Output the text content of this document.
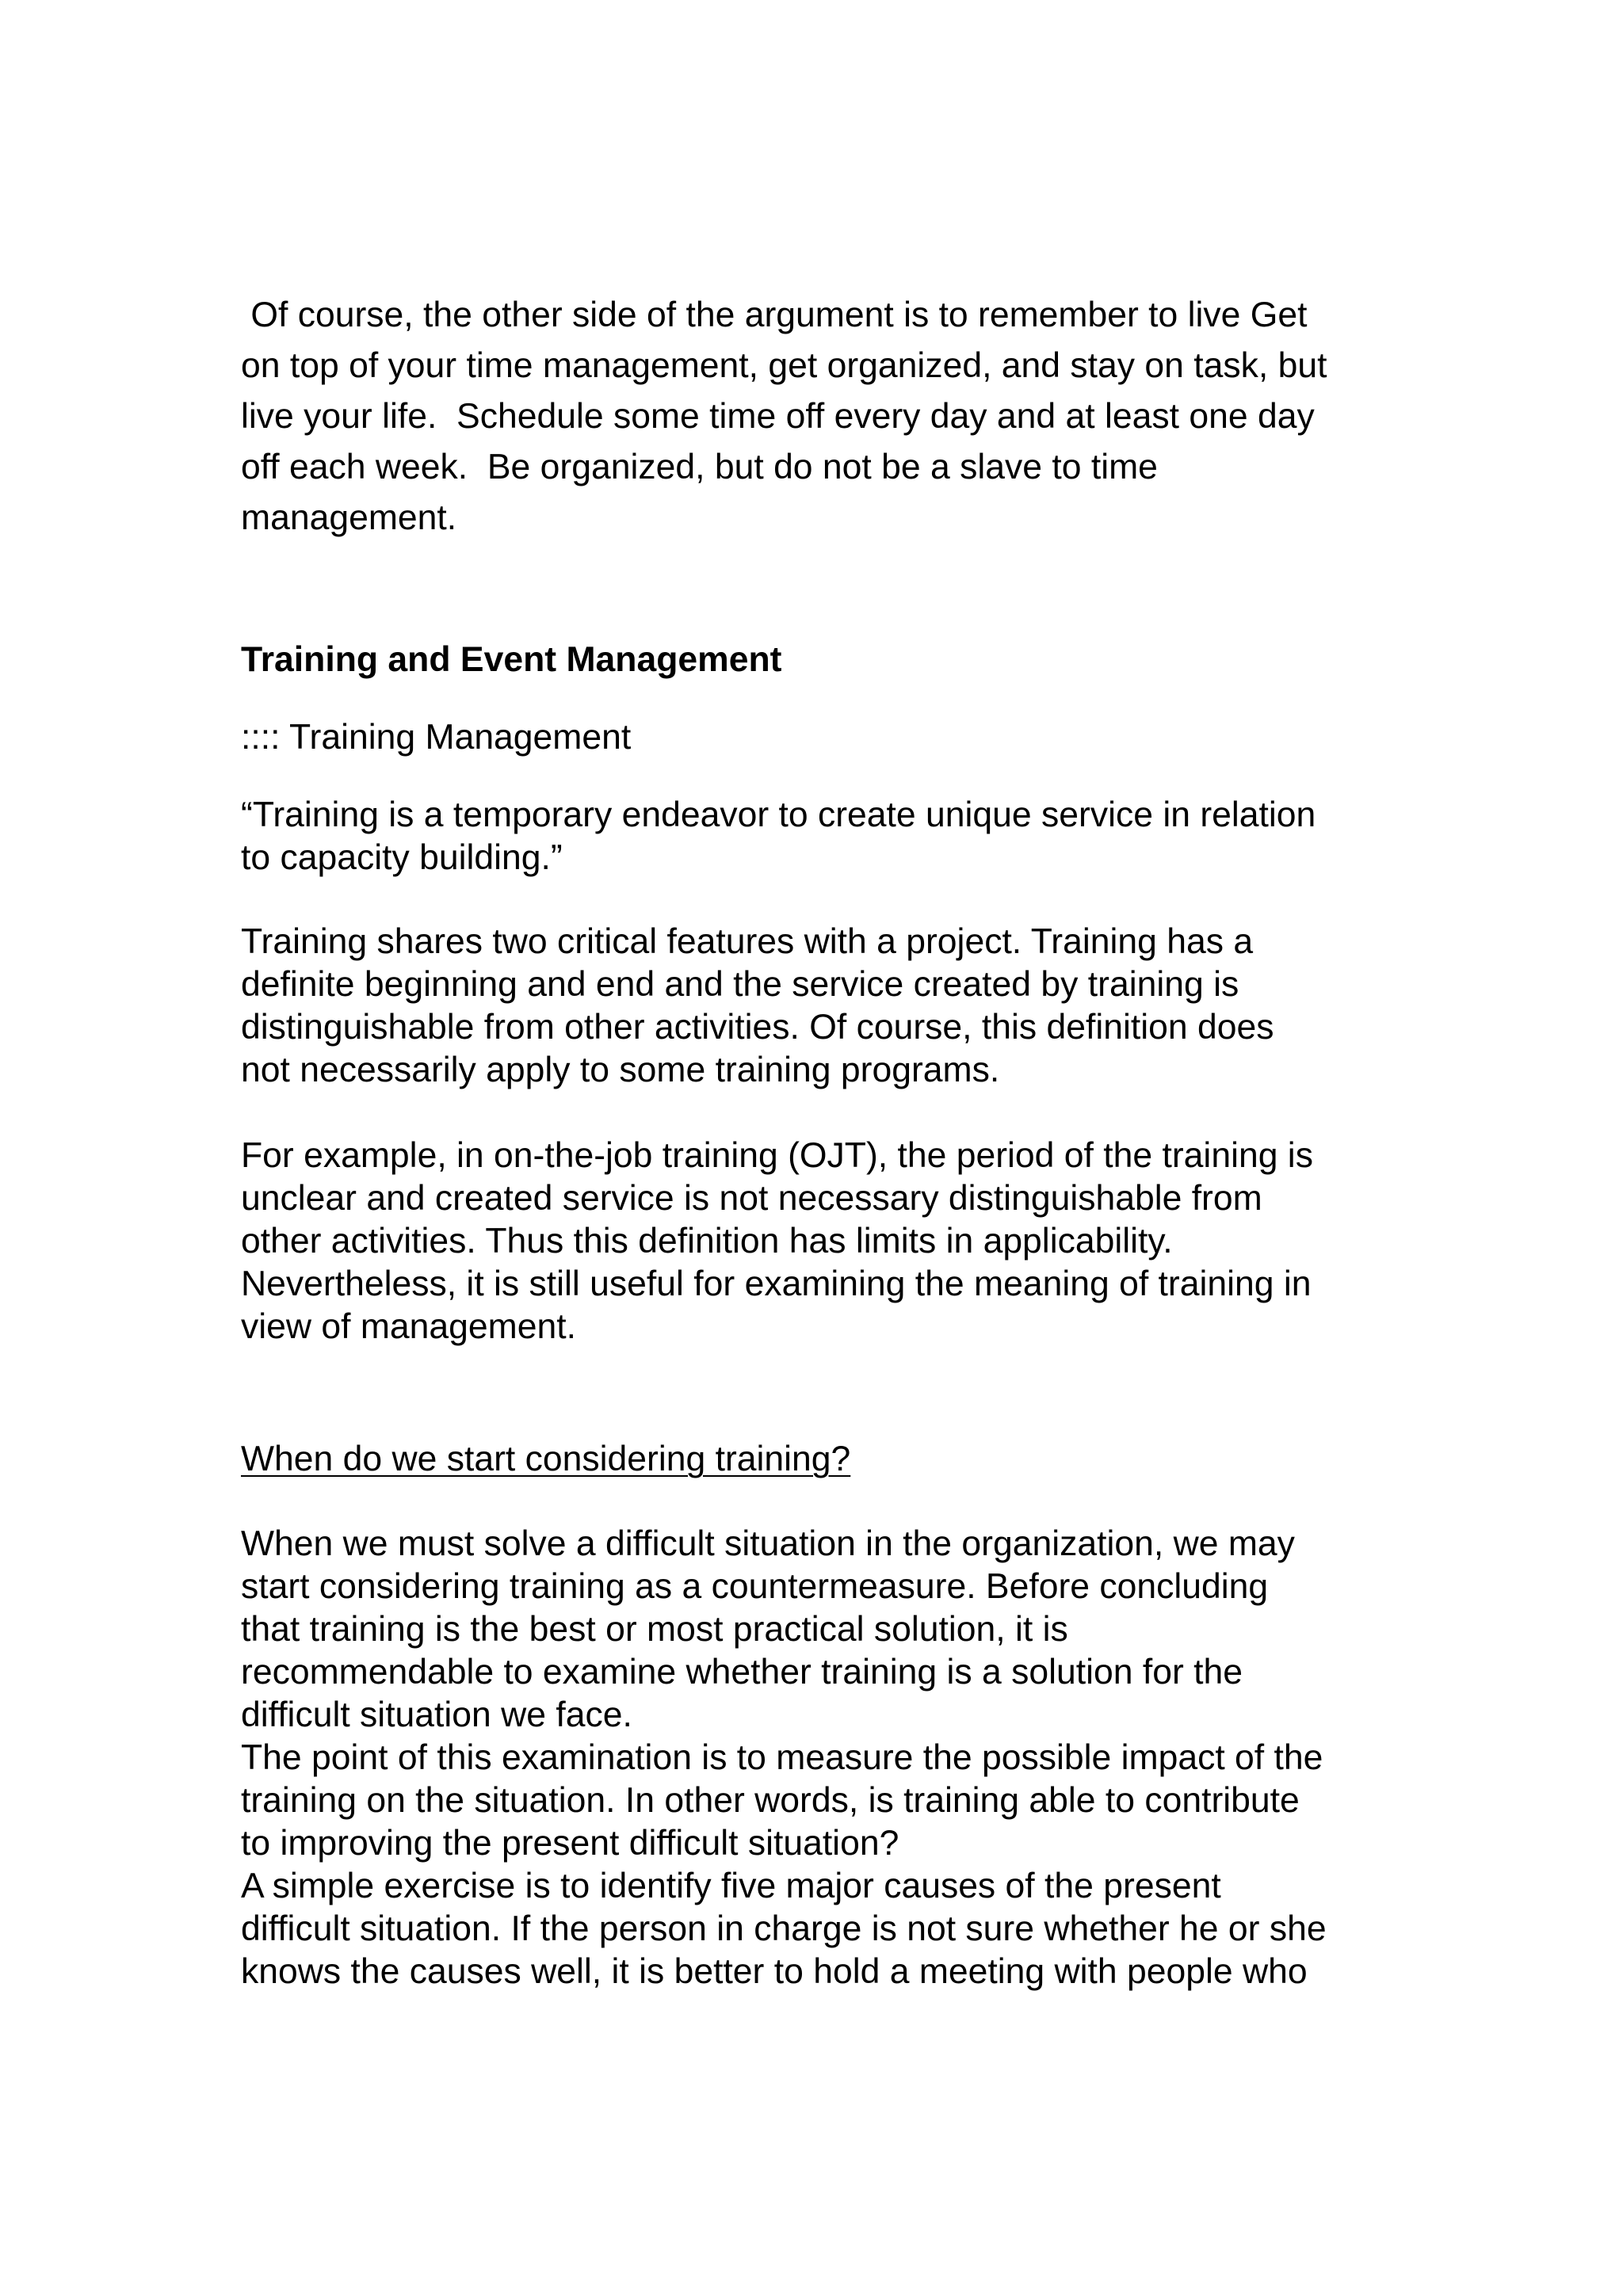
Of course, the other side of the argument is to remember to live Get
on top of your time management, get organized, and stay on task, but
live your life.  Schedule some time off every day and at least one day
off each week.  Be organized, but do not be a slave to time
management.
Training and Event Management
:::: Training Management
“Training is a temporary endeavor to create unique service in relation
to capacity building.”
Training shares two critical features with a project. Training has a
definite beginning and end and the service created by training is
distinguishable from other activities. Of course, this definition does
not necessarily apply to some training programs.
For example, in on-the-job training (OJT), the period of the training is
unclear and created service is not necessary distinguishable from
other activities. Thus this definition has limits in applicability.
Nevertheless, it is still useful for examining the meaning of training in
view of management.
When do we start considering training?
When we must solve a difficult situation in the organization, we may
start considering training as a countermeasure. Before concluding
that training is the best or most practical solution, it is
recommendable to examine whether training is a solution for the
difficult situation we face.
The point of this examination is to measure the possible impact of the
training on the situation. In other words, is training able to contribute
to improving the present difficult situation?
A simple exercise is to identify five major causes of the present
difficult situation. If the person in charge is not sure whether he or she
knows the causes well, it is better to hold a meeting with people who
